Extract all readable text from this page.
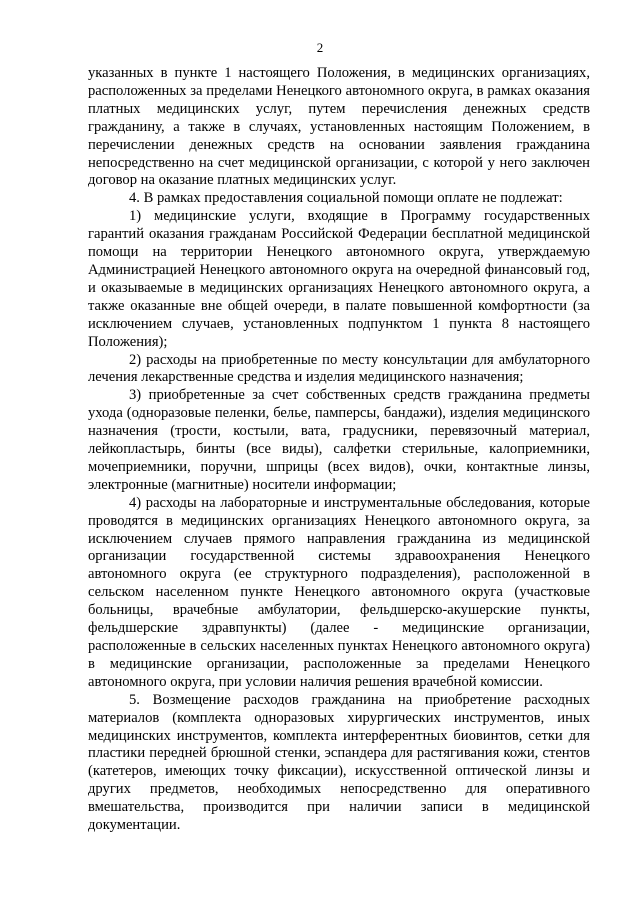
2

указанных в пункте 1 настоящего Положения, в медицинских организациях, расположенных за пределами Ненецкого автономного округа, в рамках оказания платных медицинских услуг, путем перечисления денежных средств гражданину, а также в случаях, установленных настоящим Положением, в перечислении денежных средств на основании заявления гражданина непосредственно на счет медицинской организации, с которой у него заключен договор на оказание платных медицинских услуг.

4. В рамках предоставления социальной помощи оплате не подлежат:

1) медицинские услуги, входящие в Программу государственных гарантий оказания гражданам Российской Федерации бесплатной медицинской помощи на территории Ненецкого автономного округа, утверждаемую Администрацией Ненецкого автономного округа на очередной финансовый год, и оказываемые в медицинских организациях Ненецкого автономного округа, а также оказанные вне общей очереди, в палате повышенной комфортности (за исключением случаев, установленных подпунктом 1 пункта 8 настоящего Положения);

2) расходы на приобретенные по месту консультации для амбулаторного лечения лекарственные средства и изделия медицинского назначения;

3) приобретенные за счет собственных средств гражданина предметы ухода (одноразовые пеленки, белье, памперсы, бандажи), изделия медицинского назначения (трости, костыли, вата, градусники, перевязочный материал, лейкопластырь, бинты (все виды), салфетки стерильные, калоприемники, мочеприемники, поручни, шприцы (всех видов), очки, контактные линзы, электронные (магнитные) носители информации;

4) расходы на лабораторные и инструментальные обследования, которые проводятся в медицинских организациях Ненецкого автономного округа, за исключением случаев прямого направления гражданина из медицинской организации государственной системы здравоохранения Ненецкого автономного округа (ее структурного подразделения), расположенной в сельском населенном пункте Ненецкого автономного округа (участковые больницы, врачебные амбулатории, фельдшерско-акушерские пункты, фельдшерские здравпункты) (далее - медицинские организации, расположенные в сельских населенных пунктах Ненецкого автономного округа) в медицинские организации, расположенные за пределами Ненецкого автономного округа, при условии наличия решения врачебной комиссии.

5. Возмещение расходов гражданина на приобретение расходных материалов (комплекта одноразовых хирургических инструментов, иных медицинских инструментов, комплекта интерферентных биовинтов, сетки для пластики передней брюшной стенки, эспандера для растягивания кожи, стентов (катетеров, имеющих точку фиксации), искусственной оптической линзы и других предметов, необходимых непосредственно для оперативного вмешательства, производится при наличии записи в медицинской документации.
